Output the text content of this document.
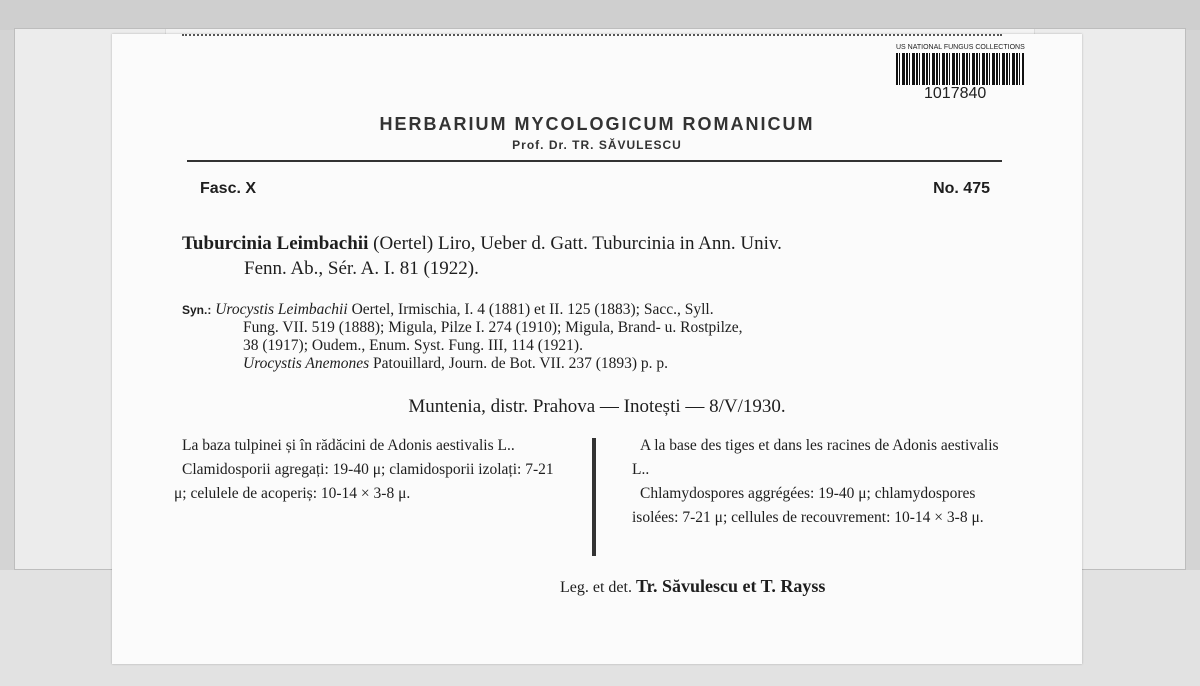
US NATIONAL FUNGUS COLLECTIONS
1017840
HERBARIUM MYCOLOGICUM ROMANICUM
Prof. Dr. TR. SĂVULESCU
Fasc. X	No. 475
Tuburcinia Leimbachii (Oertel) Liro, Ueber d. Gatt. Tuburcinia in Ann. Univ.
Fenn. Ab., Sér. A. I. 81 (1922).
Syn.: Urocystis Leimbachii Oertel, Irmischia, I. 4 (1881) et II. 125 (1883); Sacc., Syll.
Fung. VII. 519 (1888); Migula, Pilze I. 274 (1910); Migula, Brand- u. Rostpilze,
38 (1917); Oudem., Enum. Syst. Fung. III, 114 (1921).
Urocystis Anemones Patouillard, Journ. de Bot. VII. 237 (1893) p. p.
Muntenia, distr. Prahova — Inotești — 8/V/1930.

La baza tulpinei și în rădăcini de Adonis aestivalis L..

Clamidosporii agregați: 19-40 μ; clamidosporii izolați: 7-21 μ; celulele de acoperiș: 10-14 × 3-8 μ.

A la base des tiges et dans les racines de Adonis aestivalis L..

Chlamydospores aggrégées: 19-40 μ; chlamydospores isolées: 7-21 μ; cellules de recouvrement: 10-14 × 3-8 μ.

Leg. et det. Tr. Săvulescu et T. Rayss
